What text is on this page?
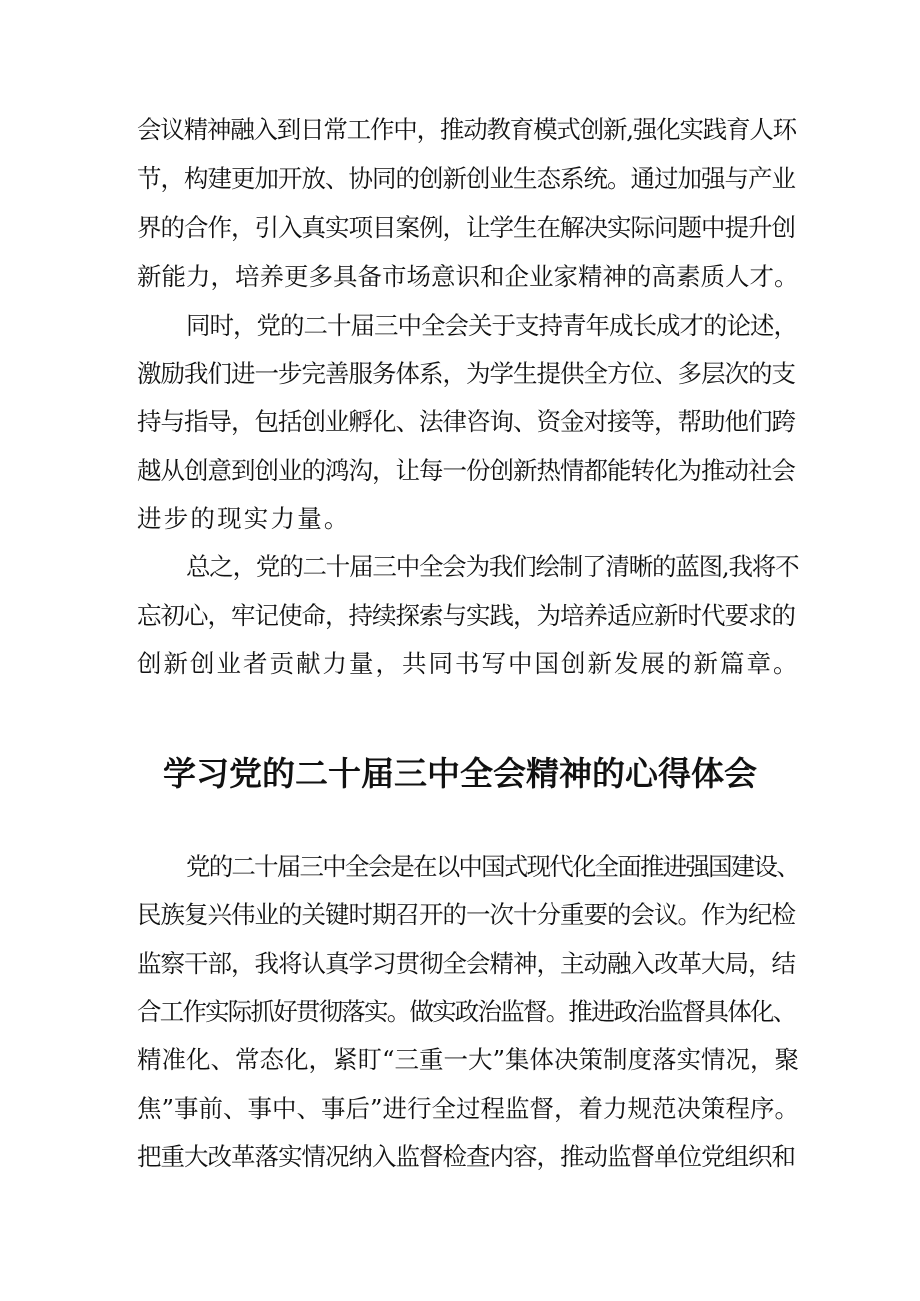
会议精神融入到日常工作中，推动教育模式创新,强化实践育人环
节，构建更加开放、协同的创新创业生态系统。通过加强与产业
界的合作，引入真实项目案例，让学生在解决实际问题中提升创
新能力，培养更多具备市场意识和企业家精神的高素质人才。
同时，党的二十届三中全会关于支持青年成长成才的论述，
激励我们进一步完善服务体系，为学生提供全方位、多层次的支
持与指导，包括创业孵化、法律咨询、资金对接等，帮助他们跨
越从创意到创业的鸿沟，让每一份创新热情都能转化为推动社会
进步的现实力量。
总之，党的二十届三中全会为我们绘制了清晰的蓝图,我将不
忘初心，牢记使命，持续探索与实践，为培养适应新时代要求的
创新创业者贡献力量，共同书写中国创新发展的新篇章。
学习党的二十届三中全会精神的心得体会
党的二十届三中全会是在以中国式现代化全面推进强国建设、
民族复兴伟业的关键时期召开的一次十分重要的会议。作为纪检
监察干部，我将认真学习贯彻全会精神，主动融入改革大局，结
合工作实际抓好贯彻落实。做实政治监督。推进政治监督具体化、
精准化、常态化，紧盯“三重一大”集体决策制度落实情况，聚
焦”事前、事中、事后”进行全过程监督，着力规范决策程序。
把重大改革落实情况纳入监督检查内容，推动监督单位党组织和
